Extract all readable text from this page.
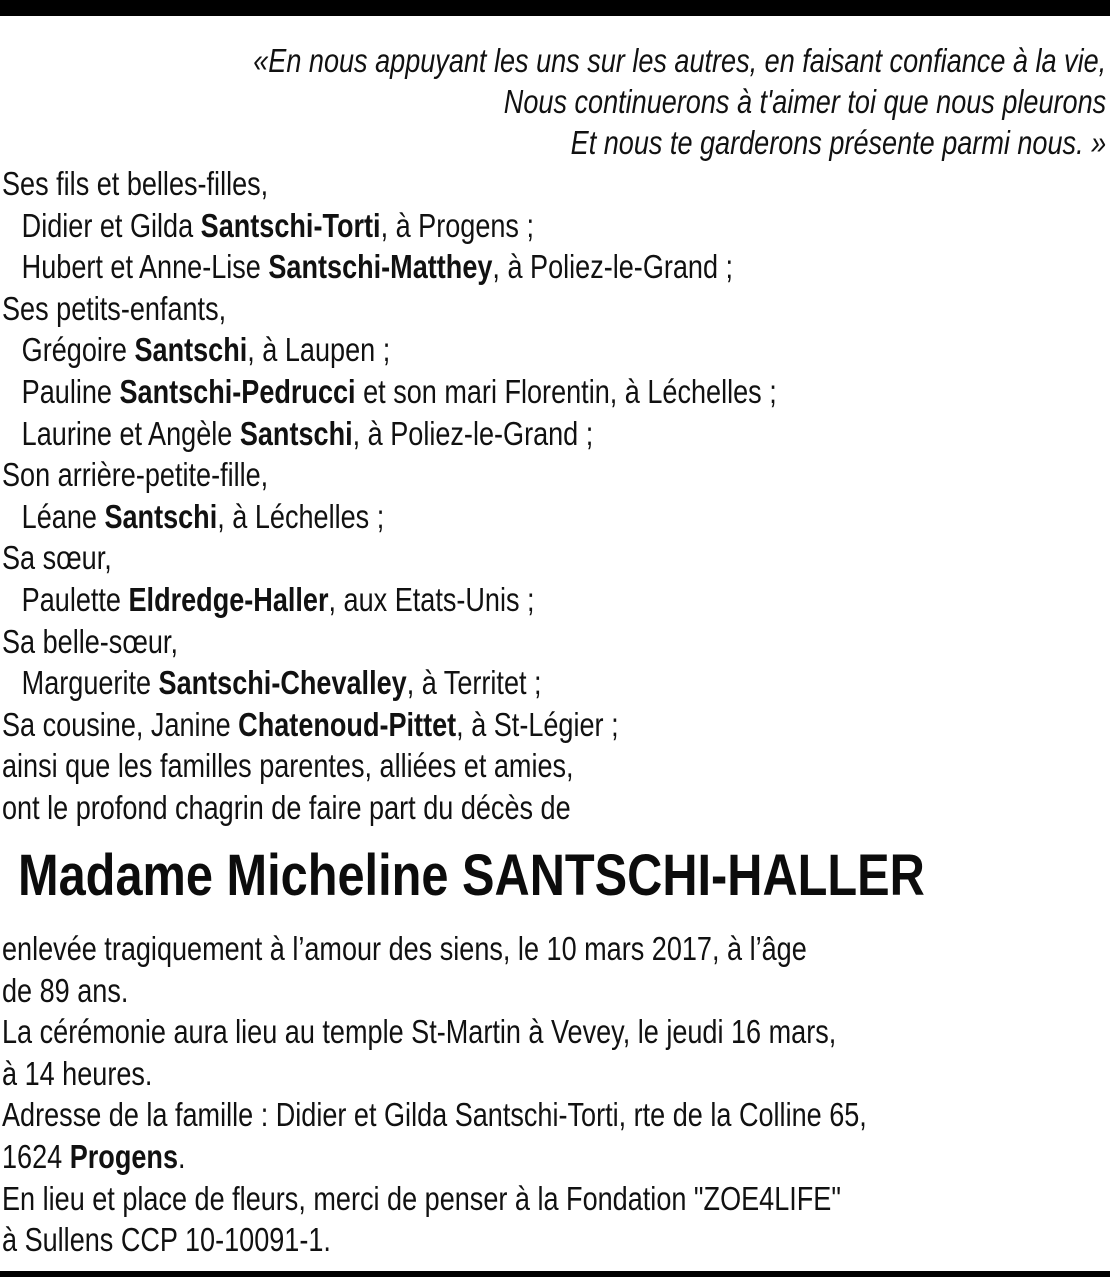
«En nous appuyant les uns sur les autres, en faisant confiance à la vie,
Nous continuerons à t'aimer toi que nous pleurons
Et nous te garderons présente parmi nous. »
Ses fils et belles-filles,
Didier et Gilda Santschi-Torti, à Progens ;
Hubert et Anne-Lise Santschi-Matthey, à Poliez-le-Grand ;
Ses petits-enfants,
Grégoire Santschi, à Laupen ;
Pauline Santschi-Pedrucci et son mari Florentin, à Léchelles ;
Laurine et Angèle Santschi, à Poliez-le-Grand ;
Son arrière-petite-fille,
Léane Santschi, à Léchelles ;
Sa sœur,
Paulette Eldredge-Haller, aux Etats-Unis ;
Sa belle-sœur,
Marguerite Santschi-Chevalley, à Territet ;
Sa cousine, Janine Chatenoud-Pittet, à St-Légier ;
ainsi que les familles parentes, alliées et amies,
ont le profond chagrin de faire part du décès de
Madame Micheline SANTSCHI-HALLER
enlevée tragiquement à l’amour des siens, le 10 mars 2017, à l’âge
de 89 ans.
La cérémonie aura lieu au temple St-Martin à Vevey, le jeudi 16 mars,
à 14 heures.
Adresse de la famille : Didier et Gilda Santschi-Torti, rte de la Colline 65,
1624 Progens.
En lieu et place de fleurs, merci de penser à la Fondation "ZOE4LIFE"
à Sullens CCP 10-10091-1.
